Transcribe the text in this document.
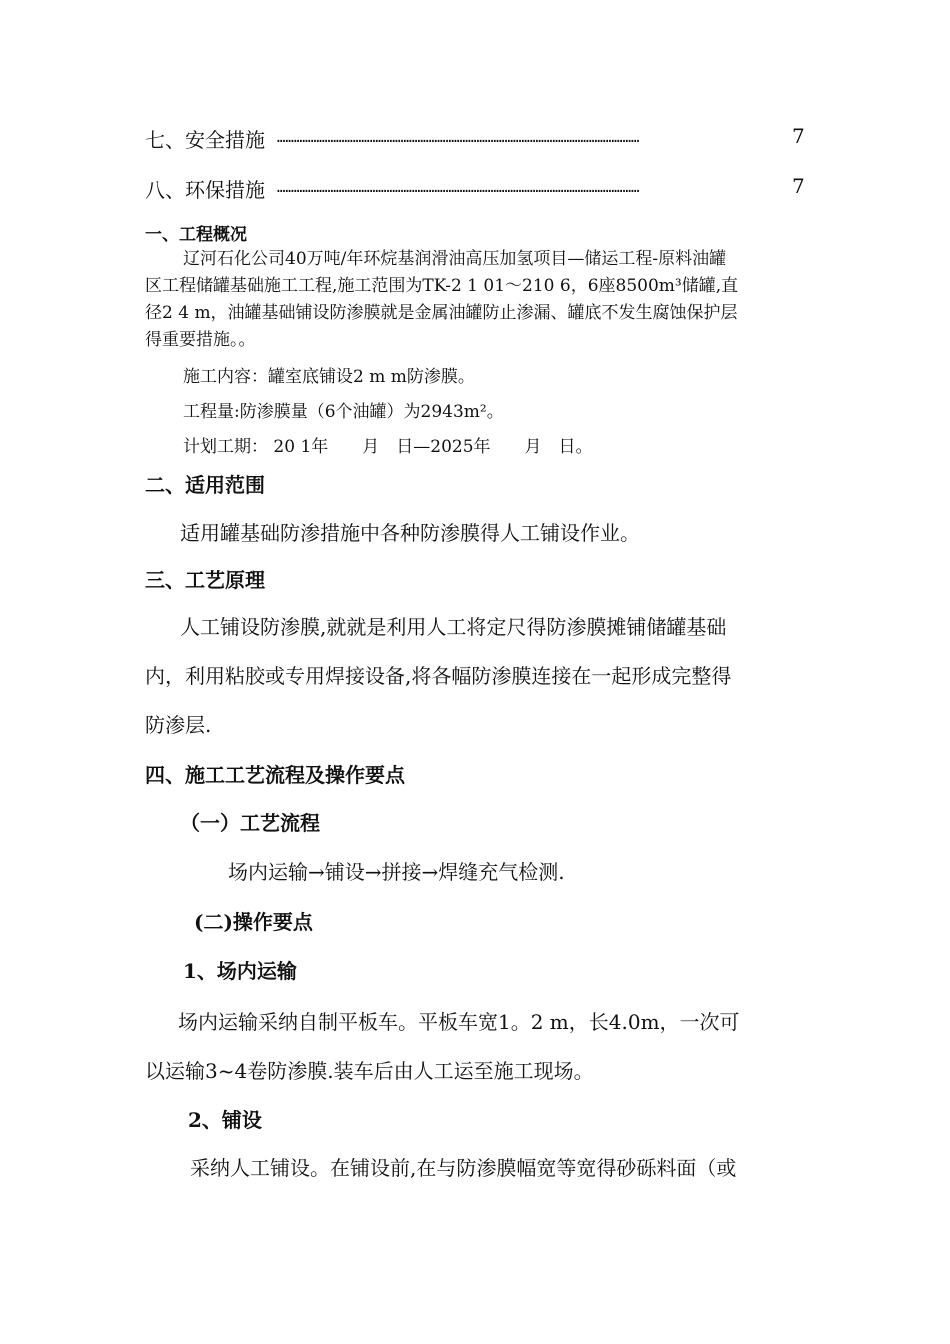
七、安全措施 …………………………………………………………………………………………………………………	7
八、环保措施 …………………………………………………………………………………………………………………	7
一、工程概况
辽河石化公司40万吨/年环烷基润滑油高压加氢项目—储运工程-原料油罐
区工程储罐基础施工工程,施工范围为TK-2 1 01～210 6，6座8500m³储罐,直
径2 4 m，油罐基础铺设防渗膜就是金属油罐防止渗漏、罐底不发生腐蚀保护层
得重要措施。。
施工内容：罐室底铺设2 m m防渗膜。
工程量:防渗膜量（6个油罐）为2943m²。
计划工期： 20 1年　　月　日—2025年　　月　日。
二、适用范围
适用罐基础防渗措施中各种防渗膜得人工铺设作业。
三、工艺原理
人工铺设防渗膜,就就是利用人工将定尺得防渗膜摊铺储罐基础
内，利用粘胶或专用焊接设备,将各幅防渗膜连接在一起形成完整得
防渗层.
四、施工工艺流程及操作要点
（一）工艺流程
场内运输→铺设→拼接→焊缝充气检测.
(二)操作要点
1、场内运输
场内运输采纳自制平板车。平板车宽1。2 m，长4.0m，一次可
以运输3~4卷防渗膜.装车后由人工运至施工现场。
2、铺设
采纳人工铺设。在铺设前,在与防渗膜幅宽等宽得砂砾料面（或
